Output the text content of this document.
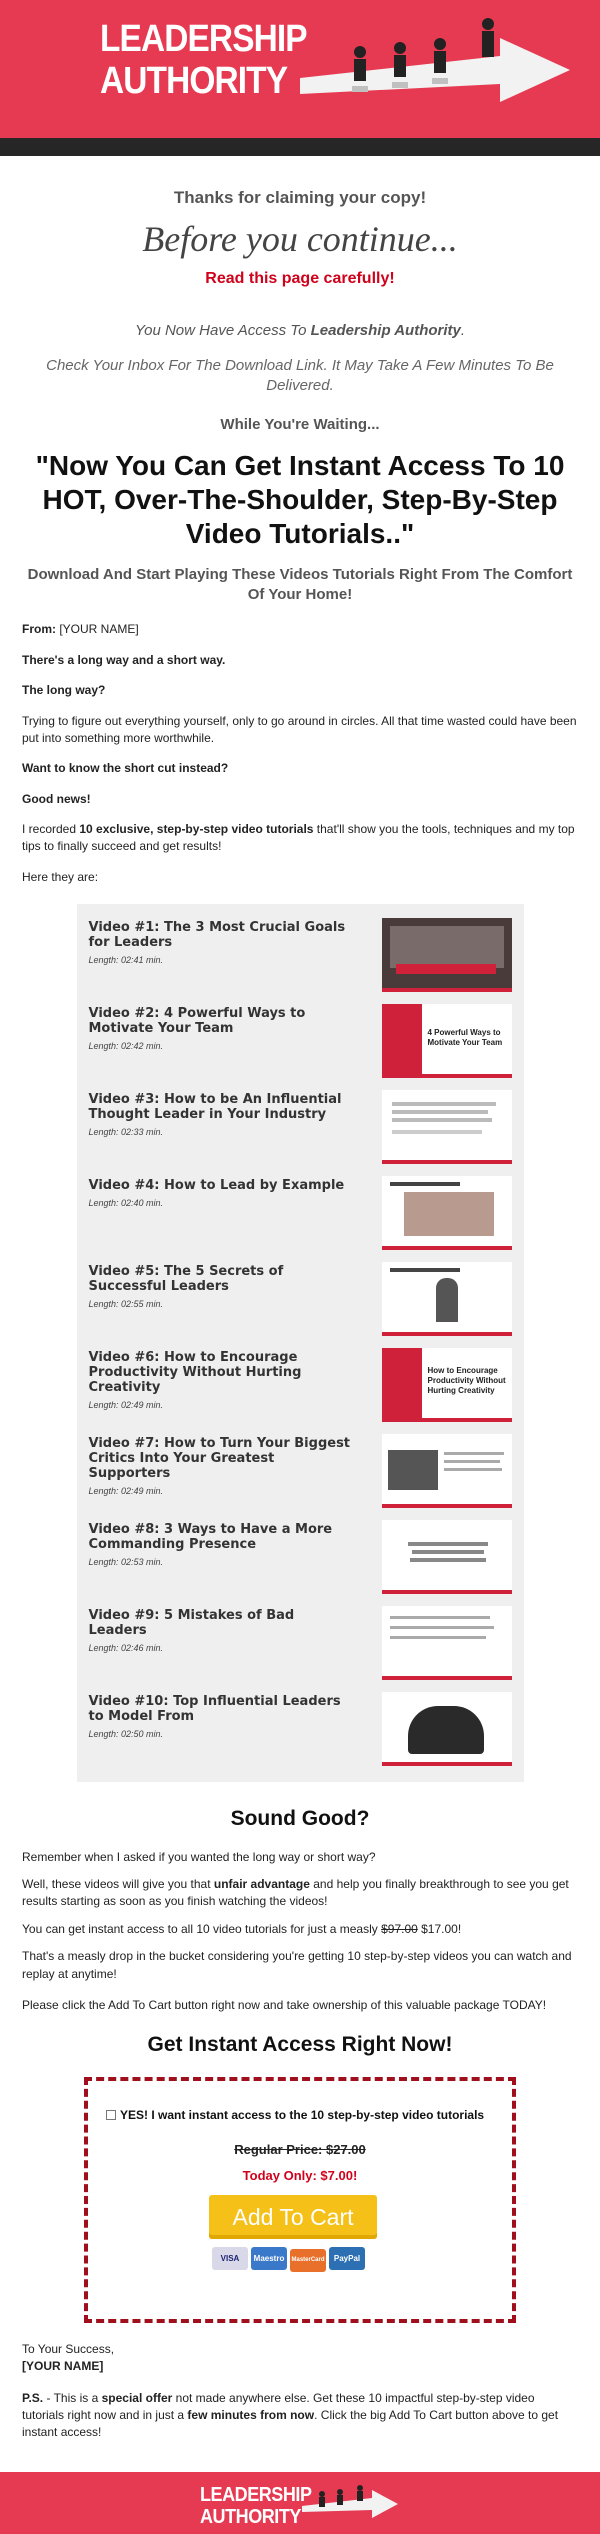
LEADERSHIP
AUTHORITY
Thanks for claiming your copy!
Before you continue...
Read this page carefully!
You Now Have Access To Leadership Authority.
Check Your Inbox For The Download Link. It May Take A Few Minutes To Be Delivered.
While You're Waiting...
"Now You Can Get Instant Access To 10 HOT, Over-The-Shoulder, Step-By-Step Video Tutorials.."
Download And Start Playing These Videos Tutorials Right From The Comfort Of Your Home!

From: [YOUR NAME]

There's a long way and a short way.

The long way?

Trying to figure out everything yourself, only to go around in circles. All that time wasted could have been put into something more worthwhile.

Want to know the short cut instead?

Good news!

I recorded 10 exclusive, step-by-step video tutorials that'll show you the tools, techniques and my top tips to finally succeed and get results!

Here they are:

Video #1: The 3 Most Crucial Goals for Leaders
Length: 02:41 min.
Video #2: 4 Powerful Ways to Motivate Your Team
Length: 02:42 min.
4 Powerful Ways to Motivate Your Team
Video #3: How to be An Influential Thought Leader in Your Industry
Length: 02:33 min.
Video #4: How to Lead by Example
Length: 02:40 min.
Video #5: The 5 Secrets of Successful Leaders
Length: 02:55 min.
Video #6: How to Encourage Productivity Without Hurting Creativity
Length: 02:49 min.
How to Encourage Productivity Without Hurting Creativity
Video #7: How to Turn Your Biggest Critics Into Your Greatest Supporters
Length: 02:49 min.
Video #8: 3 Ways to Have a More Commanding Presence
Length: 02:53 min.
Video #9: 5 Mistakes of Bad Leaders
Length: 02:46 min.
Video #10: Top Influential Leaders to Model From
Length: 02:50 min.
Sound Good?

Remember when I asked if you wanted the long way or short way?

Well, these videos will give you that unfair advantage and help you finally breakthrough to see you get results starting as soon as you finish watching the videos!

You can get instant access to all 10 video tutorials for just a measly $97.00 $17.00!

That's a measly drop in the bucket considering you're getting 10 step-by-step videos you can watch and replay at anytime!

Please click the Add To Cart button right now and take ownership of this valuable package TODAY!

Get Instant Access Right Now!
YES! I want instant access to the 10 step-by-step video tutorials
Regular Price: $27.00
Today Only: $7.00!
Add To Cart
VISA Maestro MasterCard PayPal

To Your Success,

[YOUR NAME]

P.S. - This is a special offer not made anywhere else. Get these 10 impactful step-by-step video tutorials right now and in just a few minutes from now. Click the big Add To Cart button above to get instant access!

LEADERSHIP
AUTHORITY
